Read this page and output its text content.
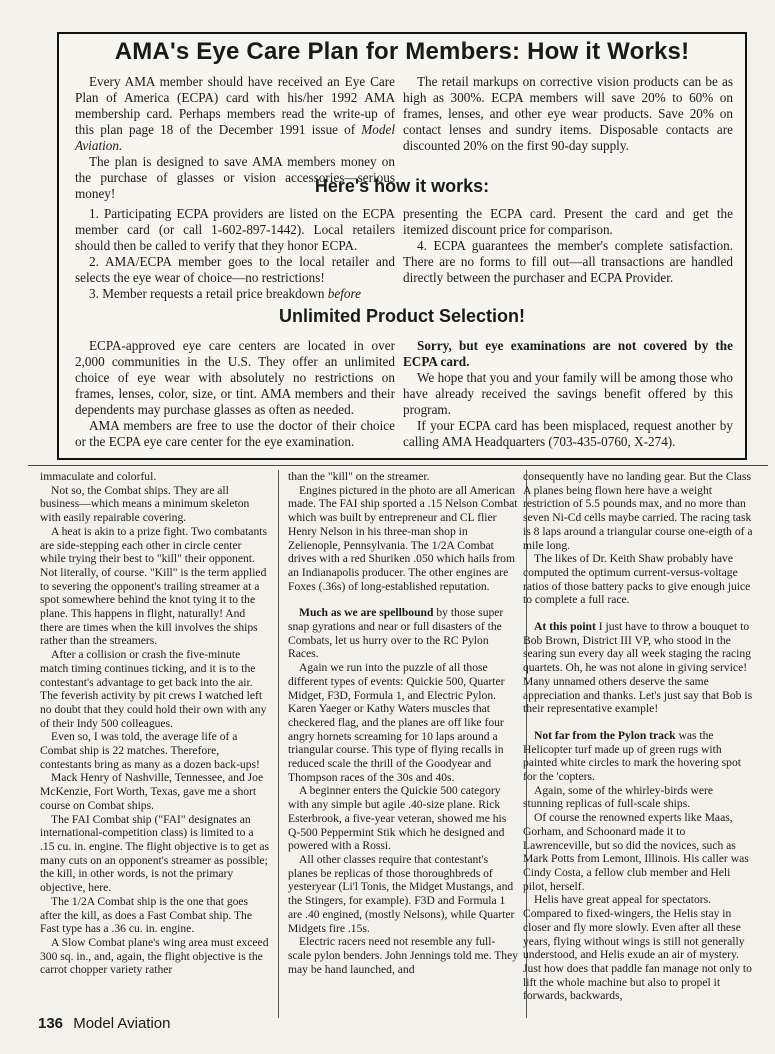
AMA's Eye Care Plan for Members: How it Works!

Every AMA member should have received an Eye Care Plan of America (ECPA) card with his/her 1992 AMA membership card. Perhaps members read the write-up of this plan page 18 of the December 1991 issue of Model Aviation.

The plan is designed to save AMA members money on the purchase of glasses or vision accessories—serious money!

The retail markups on corrective vision products can be as high as 300%. ECPA members will save 20% to 60% on frames, lenses, and other eye wear products. Save 20% on contact lenses and sundry items. Disposable contacts are discounted 20% on the first 90-day supply.

Here's how it works:

1. Participating ECPA providers are listed on the ECPA member card (or call 1-602-897-1442). Local retailers should then be called to verify that they honor ECPA.

2. AMA/ECPA member goes to the local retailer and selects the eye wear of choice—no restrictions!

3. Member requests a retail price breakdown before

presenting the ECPA card. Present the card and get the itemized discount price for comparison.

4. ECPA guarantees the member's complete satisfaction. There are no forms to fill out—all transactions are handled directly between the purchaser and ECPA Provider.

Unlimited Product Selection!

ECPA-approved eye care centers are located in over 2,000 communities in the U.S. They offer an unlimited choice of eye wear with absolutely no restrictions on frames, lenses, color, size, or tint. AMA members and their dependents may purchase glasses as often as needed.

AMA members are free to use the doctor of their choice or the ECPA eye care center for the eye examination.

Sorry, but eye examinations are not covered by the ECPA card.

We hope that you and your family will be among those who have already received the savings benefit offered by this program.

If your ECPA card has been misplaced, request another by calling AMA Headquarters (703-435-0760, X-274).

immaculate and colorful.

Not so, the Combat ships. They are all business—which means a minimum skeleton with easily repairable covering.

A heat is akin to a prize fight. Two combatants are side-stepping each other in circle center while trying their best to "kill" their opponent. Not literally, of course. "Kill" is the term applied to severing the opponent's trailing streamer at a spot somewhere behind the knot tying it to the plane. This happens in flight, naturally! And there are times when the kill involves the ships rather than the streamers.

After a collision or crash the five-minute match timing continues ticking, and it is to the contestant's advantage to get back into the air. The feverish activity by pit crews I watched left no doubt that they could hold their own with any of their Indy 500 colleagues.

Even so, I was told, the average life of a Combat ship is 22 matches. Therefore, contestants bring as many as a dozen back-ups!

Mack Henry of Nashville, Tennessee, and Joe McKenzie, Fort Worth, Texas, gave me a short course on Combat ships.

The FAI Combat ship ("FAI" designates an international-competition class) is limited to a .15 cu. in. engine. The flight objective is to get as many cuts on an opponent's streamer as possible; the kill, in other words, is not the primary objective, here.

The 1/2A Combat ship is the one that goes after the kill, as does a Fast Combat ship. The Fast type has a .36 cu. in. engine.

A Slow Combat plane's wing area must exceed 300 sq. in., and, again, the flight objective is the carrot chopper variety rather

than the "kill" on the streamer.

Engines pictured in the photo are all American made. The FAI ship sported a .15 Nelson Combat which was built by entrepreneur and CL flier Henry Nelson in his three-man shop in Zelienople, Pennsylvania. The 1/2A Combat drives with a red Shuriken .050 which hails from an Indianapolis producer. The other engines are Foxes (.36s) of long-established reputation.

Much as we are spellbound by those super snap gyrations and near or full disasters of the Combats, let us hurry over to the RC Pylon Races.

Again we run into the puzzle of all those different types of events: Quickie 500, Quarter Midget, F3D, Formula 1, and Electric Pylon. Karen Yaeger or Kathy Waters muscles that checkered flag, and the planes are off like four angry hornets screaming for 10 laps around a triangular course. This type of flying recalls in reduced scale the thrill of the Goodyear and Thompson races of the 30s and 40s.

A beginner enters the Quickie 500 category with any simple but agile .40-size plane. Rick Esterbrook, a five-year veteran, showed me his Q-500 Peppermint Stik which he designed and powered with a Rossi.

All other classes require that contestant's planes be replicas of those thoroughbreds of yesteryear (Li'l Tonis, the Midget Mustangs, and the Stingers, for example). F3D and Formula 1 are .40 engined, (mostly Nelsons), while Quarter Midgets fire .15s.

Electric racers need not resemble any full-scale pylon benders. John Jennings told me. They may be hand launched, and

consequently have no landing gear. But the Class A planes being flown here have a weight restriction of 5.5 pounds max, and no more than seven Ni-Cd cells maybe carried. The racing task is 8 laps around a triangular course one-eigth of a mile long.

The likes of Dr. Keith Shaw probably have computed the optimum current-versus-voltage ratios of those battery packs to give enough juice to complete a full race.

At this point I just have to throw a bouquet to Bob Brown, District III VP, who stood in the searing sun every day all week staging the racing quartets. Oh, he was not alone in giving service! Many unnamed others deserve the same appreciation and thanks. Let's just say that Bob is their representative example!

Not far from the Pylon track was the Helicopter turf made up of green rugs with painted white circles to mark the hovering spot for the 'copters.

Again, some of the whirley-birds were stunning replicas of full-scale ships.

Of course the renowned experts like Maas, Gorham, and Schoonard made it to Lawrenceville, but so did the novices, such as Mark Potts from Lemont, Illinois. His caller was Cindy Costa, a fellow club member and Heli pilot, herself.

Helis have great appeal for spectators. Compared to fixed-wingers, the Helis stay in closer and fly more slowly. Even after all these years, flying without wings is still not generally understood, and Helis exude an air of mystery. Just how does that paddle fan manage not only to lift the whole machine but also to propel it forwards, backwards,

136 Model Aviation
